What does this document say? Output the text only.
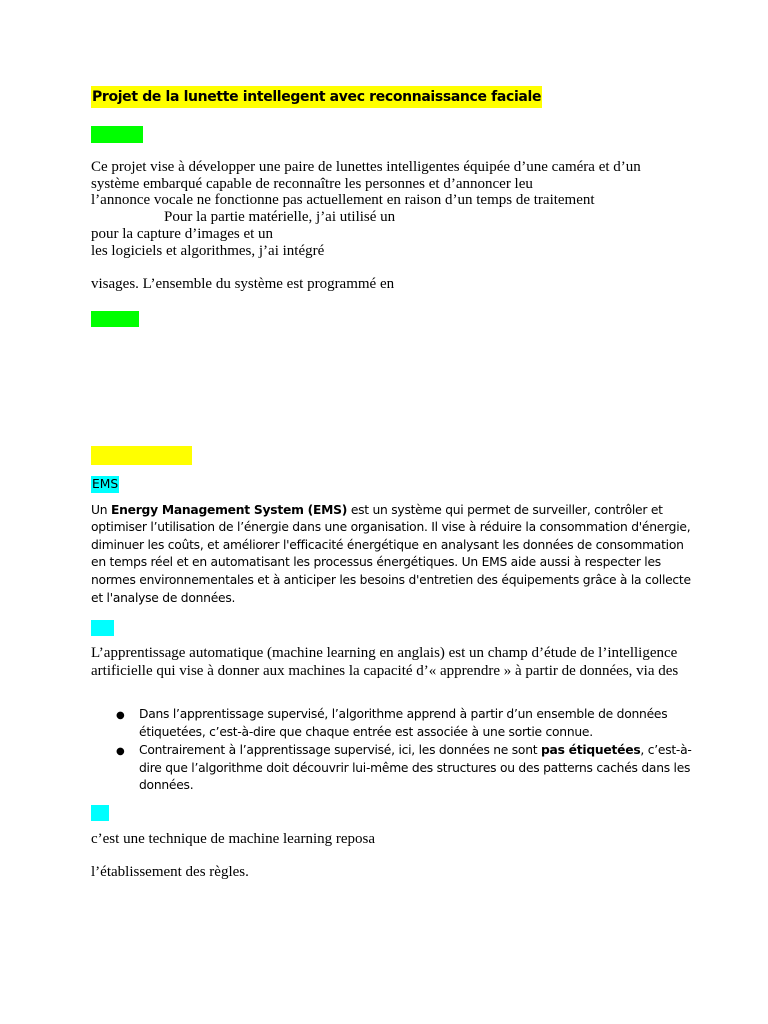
Projet de la lunette intellegent avec reconnaissance faciale
Ce projet vise à développer une paire de lunettes intelligentes équipée d’une caméra et d’un
système embarqué capable de reconnaître les personnes et d’annoncer leu
l’annonce vocale ne fonctionne pas actuellement en raison d’un temps de traitement
Pour la partie matérielle, j’ai utilisé un
pour la capture d’images et un
les logiciels et algorithmes, j’ai intégré
visages. L’ensemble du système est programmé en
EMS
Un Energy Management System (EMS) est un système qui permet de surveiller, contrôler et
optimiser l’utilisation de l’énergie dans une organisation. Il vise à réduire la consommation d'énergie,
diminuer les coûts, et améliorer l'efficacité énergétique en analysant les données de consommation
en temps réel et en automatisant les processus énergétiques. Un EMS aide aussi à respecter les
normes environnementales et à anticiper les besoins d'entretien des équipements grâce à la collecte
et l'analyse de données.
L’apprentissage automatique (machine learning en anglais) est un champ d’étude de l’intelligence
artificielle qui vise à donner aux machines la capacité d’« apprendre » à partir de données, via des
● Dans l’apprentissage supervisé, l’algorithme apprend à partir d’un ensemble de données
étiquetées, c’est-à-dire que chaque entrée est associée à une sortie connue.
● Contrairement à l’apprentissage supervisé, ici, les données ne sont pas étiquetées, c’est-à-
dire que l’algorithme doit découvrir lui-même des structures ou des patterns cachés dans les
données.
c’est une technique de machine learning reposa
l’établissement des règles.
